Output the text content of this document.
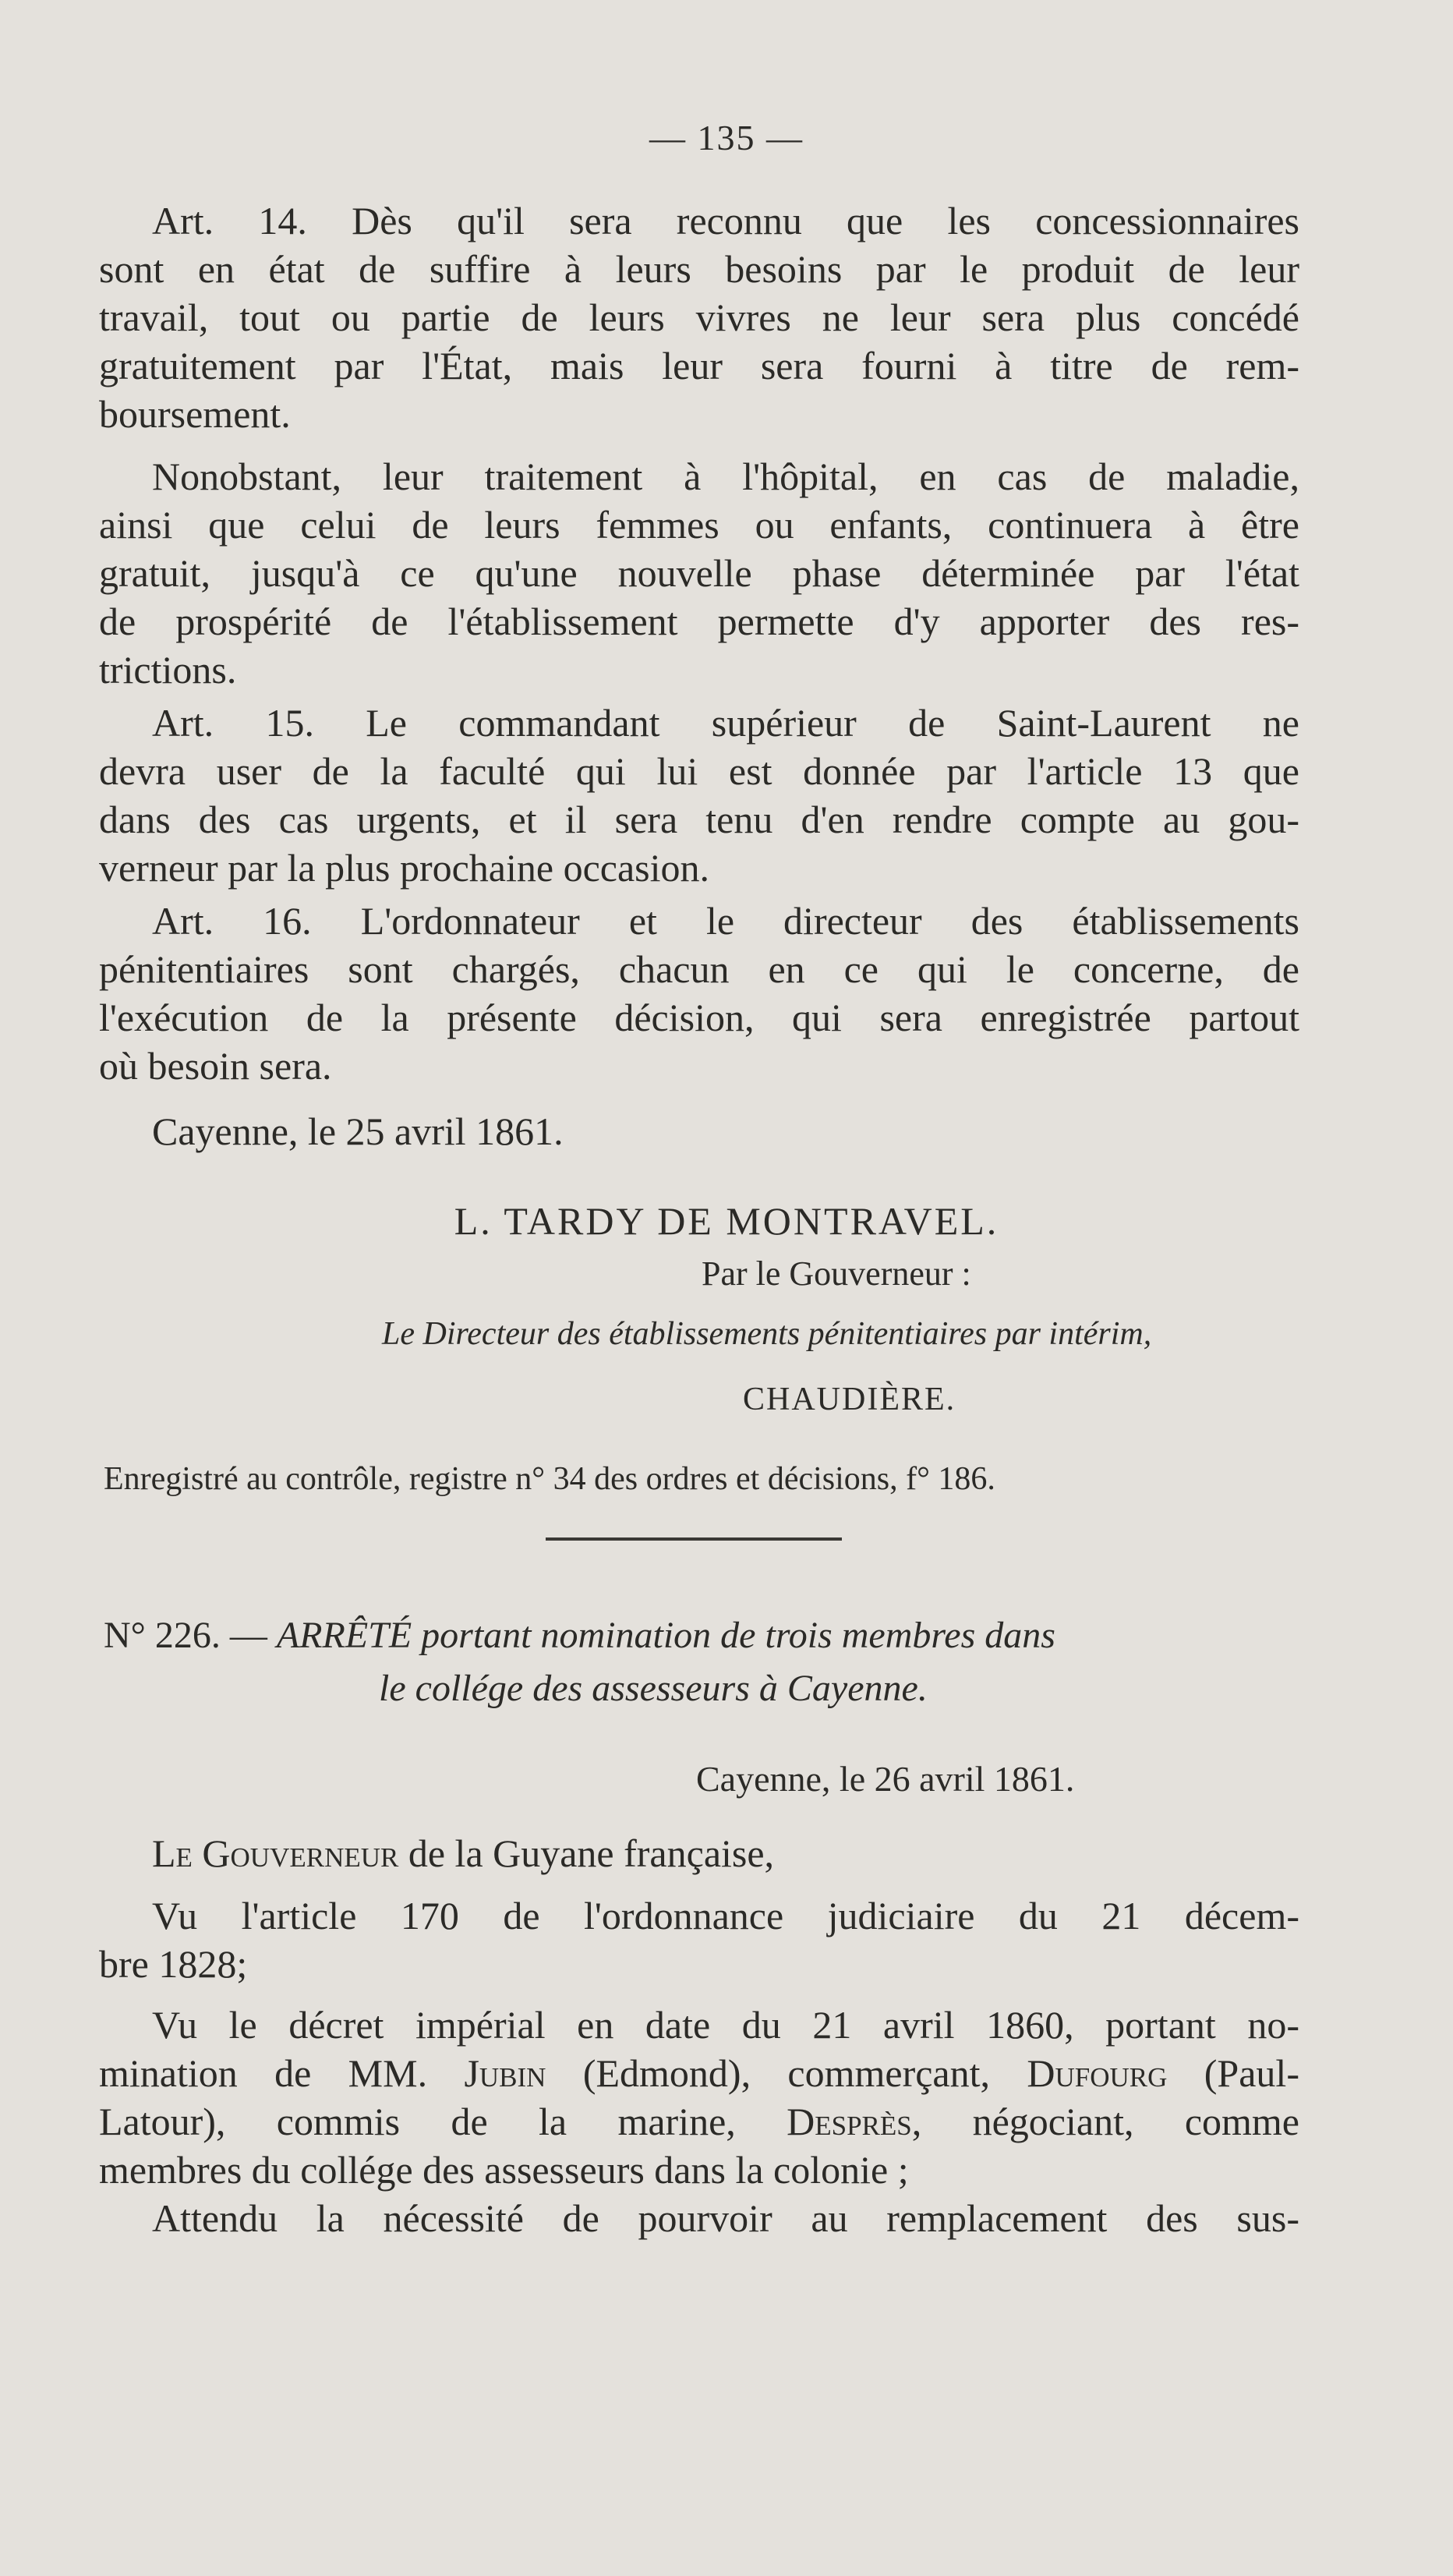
— 135 —
Art. 14. Dès qu'il sera reconnu que les concessionnaires
sont en état de suffire à leurs besoins par le produit de leur
travail, tout ou partie de leurs vivres ne leur sera plus concédé
gratuitement par l'État, mais leur sera fourni à titre de rem-
boursement.
Nonobstant, leur traitement à l'hôpital, en cas de maladie,
ainsi que celui de leurs femmes ou enfants, continuera à être
gratuit, jusqu'à ce qu'une nouvelle phase déterminée par l'état
de prospérité de l'établissement permette d'y apporter des res-
trictions.
Art. 15. Le commandant supérieur de Saint-Laurent ne
devra user de la faculté qui lui est donnée par l'article 13 que
dans des cas urgents, et il sera tenu d'en rendre compte au gou-
verneur par la plus prochaine occasion.
Art. 16. L'ordonnateur et le directeur des établissements
pénitentiaires sont chargés, chacun en ce qui le concerne, de
l'exécution de la présente décision, qui sera enregistrée partout
où besoin sera.
Cayenne, le 25 avril 1861.
L. TARDY DE MONTRAVEL.
Par le Gouverneur :
Le Directeur des établissements pénitentiaires par intérim,
CHAUDIÈRE.
Enregistré au contrôle, registre n° 34 des ordres et décisions, f° 186.
N° 226. — ARRÊTÉ portant nomination de trois membres dans
le collége des assesseurs à Cayenne.
Cayenne, le 26 avril 1861.
Le Gouverneur de la Guyane française,
Vu l'article 170 de l'ordonnance judiciaire du 21 décem-
bre 1828;
Vu le décret impérial en date du 21 avril 1860, portant no-
mination de MM. Jubin (Edmond), commerçant, Dufourg (Paul-
Latour), commis de la marine, Desprès, négociant, comme
membres du collége des assesseurs dans la colonie ;
Attendu la nécessité de pourvoir au remplacement des sus-
